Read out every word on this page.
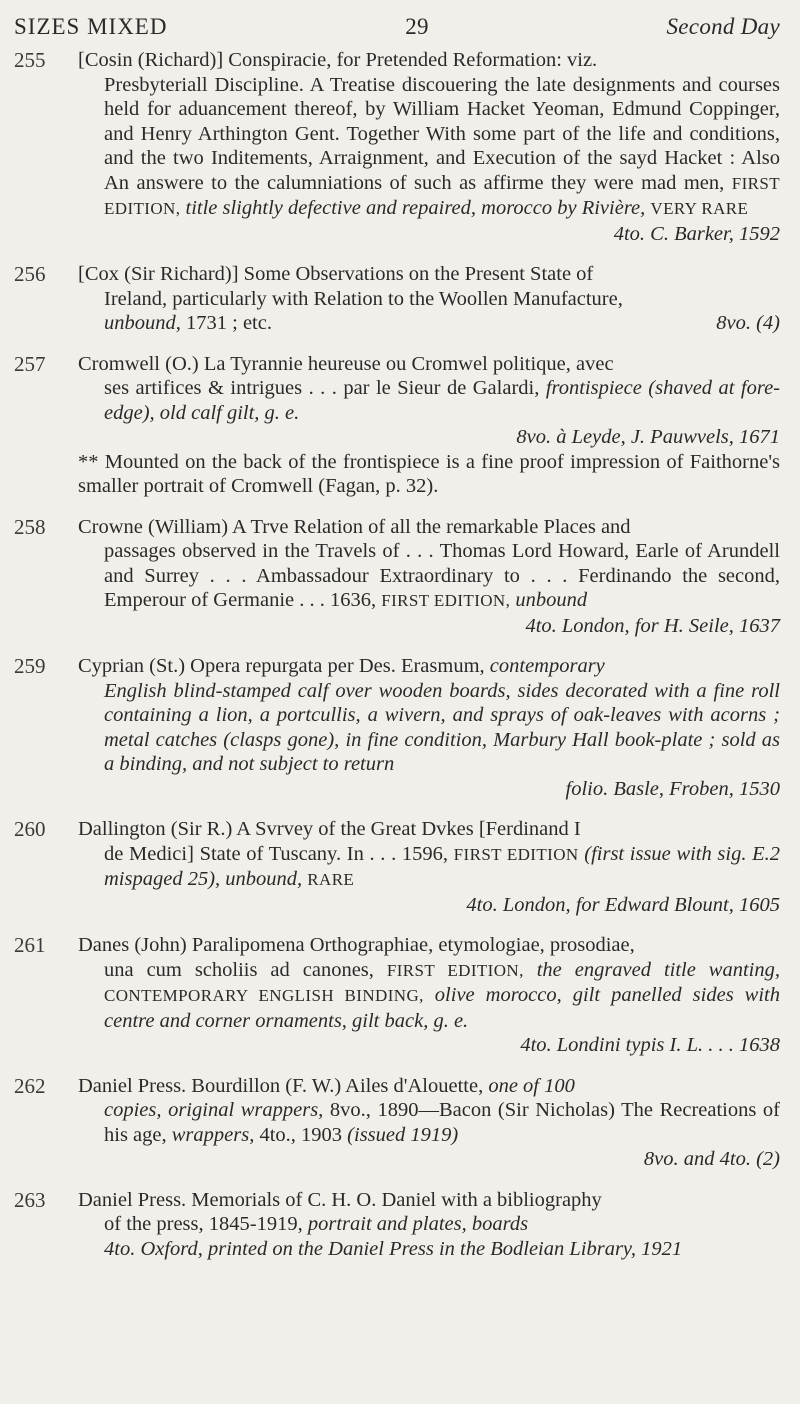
SIZES MIXED	29	Second Day
255	[Cosin (Richard)] Conspiracie, for Pretended Reformation: viz.
Presbyteriall Discipline. A Treatise discouering the late designments and courses held for aduancement thereof, by William Hacket Yeoman, Edmund Coppinger, and Henry Arthington Gent. Together With some part of the life and conditions, and the two Inditements, Arraignment, and Execution of the sayd Hacket : Also An answere to the calumniations of such as affirme they were mad men, FIRST EDITION, title slightly defective and repaired, morocco by Rivière, VERY RARE
4to. C. Barker, 1592
256	[Cox (Sir Richard)] Some Observations on the Present State of
Ireland, particularly with Relation to the Woollen Manufacture,
unbound, 1731 ; etc.	8vo. (4)
257	Cromwell (O.) La Tyrannie heureuse ou Cromwel politique, avec
ses artifices & intrigues . . . par le Sieur de Galardi, frontispiece (shaved at fore-edge), old calf gilt, g. e.
8vo. à Leyde, J. Pauwvels, 1671
** Mounted on the back of the frontispiece is a fine proof impression of Faithorne's smaller portrait of Cromwell (Fagan, p. 32).
258	Crowne (William) A Trve Relation of all the remarkable Places and
passages observed in the Travels of . . . Thomas Lord Howard, Earle of Arundell and Surrey . . . Ambassadour Extraordinary to . . . Ferdinando the second, Emperour of Germanie . . . 1636, FIRST EDITION, unbound
4to. London, for H. Seile, 1637
259	Cyprian (St.) Opera repurgata per Des. Erasmum, contemporary
English blind-stamped calf over wooden boards, sides decorated with a fine roll containing a lion, a portcullis, a wivern, and sprays of oak-leaves with acorns ; metal catches (clasps gone), in fine condition, Marbury Hall book-plate ; sold as a binding, and not subject to return
folio. Basle, Froben, 1530
260	Dallington (Sir R.) A Svrvey of the Great Dvkes [Ferdinand I
de Medici] State of Tuscany. In . . . 1596, FIRST EDITION (first issue with sig. E.2 mispaged 25), unbound, RARE
4to. London, for Edward Blount, 1605
261	Danes (John) Paralipomena Orthographiae, etymologiae, prosodiae,
una cum scholiis ad canones, FIRST EDITION, the engraved title wanting, CONTEMPORARY ENGLISH BINDING, olive morocco, gilt panelled sides with centre and corner ornaments, gilt back, g. e.
4to. Londini typis I. L. . . . 1638
262	Daniel Press. Bourdillon (F. W.) Ailes d'Alouette, one of 100
copies, original wrappers, 8vo., 1890—Bacon (Sir Nicholas) The Recreations of his age, wrappers, 4to., 1903 (issued 1919)
8vo. and 4to. (2)
263	Daniel Press. Memorials of C. H. O. Daniel with a bibliography
of the press, 1845-1919, portrait and plates, boards
4to. Oxford, printed on the Daniel Press in the Bodleian Library, 1921
